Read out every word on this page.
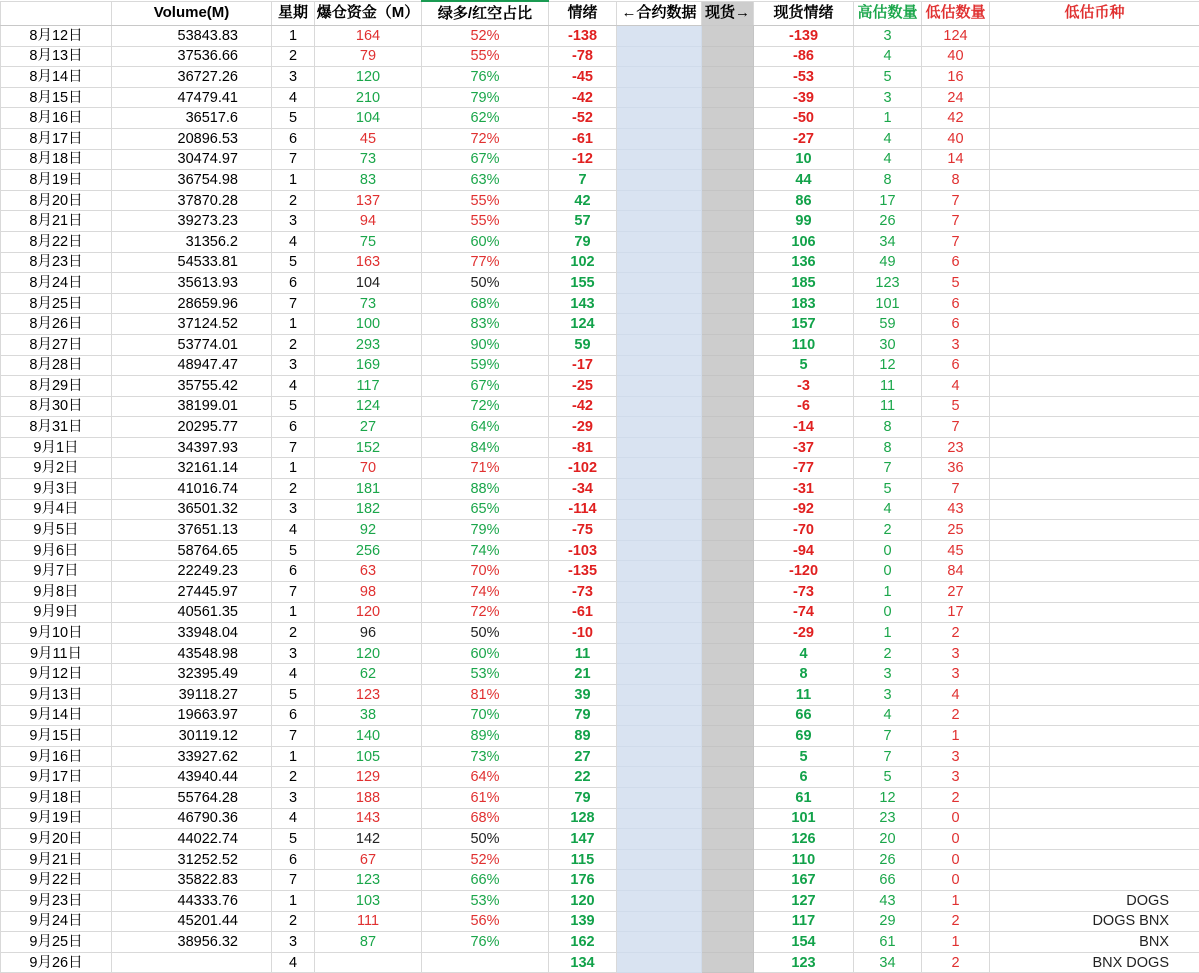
	Volume(M)	星期	爆仓资金（M）	绿多/红空占比	情绪	←合约数据	现货→	现货情绪	高估数量	低估数量	低估币种
8月12日	53843.83	1	164	52%	-138			-139	3	124	
8月13日	37536.66	2	79	55%	-78			-86	4	40	
8月14日	36727.26	3	120	76%	-45			-53	5	16	
8月15日	47479.41	4	210	79%	-42			-39	3	24	
8月16日	36517.6	5	104	62%	-52			-50	1	42	
8月17日	20896.53	6	45	72%	-61			-27	4	40	
8月18日	30474.97	7	73	67%	-12			10	4	14	
8月19日	36754.98	1	83	63%	7			44	8	8	
8月20日	37870.28	2	137	55%	42			86	17	7	
8月21日	39273.23	3	94	55%	57			99	26	7	
8月22日	31356.2	4	75	60%	79			106	34	7	
8月23日	54533.81	5	163	77%	102			136	49	6	
8月24日	35613.93	6	104	50%	155			185	123	5	
8月25日	28659.96	7	73	68%	143			183	101	6	
8月26日	37124.52	1	100	83%	124			157	59	6	
8月27日	53774.01	2	293	90%	59			110	30	3	
8月28日	48947.47	3	169	59%	-17			5	12	6	
8月29日	35755.42	4	117	67%	-25			-3	11	4	
8月30日	38199.01	5	124	72%	-42			-6	11	5	
8月31日	20295.77	6	27	64%	-29			-14	8	7	
9月1日	34397.93	7	152	84%	-81			-37	8	23	
9月2日	32161.14	1	70	71%	-102			-77	7	36	
9月3日	41016.74	2	181	88%	-34			-31	5	7	
9月4日	36501.32	3	182	65%	-114			-92	4	43	
9月5日	37651.13	4	92	79%	-75			-70	2	25	
9月6日	58764.65	5	256	74%	-103			-94	0	45	
9月7日	22249.23	6	63	70%	-135			-120	0	84	
9月8日	27445.97	7	98	74%	-73			-73	1	27	
9月9日	40561.35	1	120	72%	-61			-74	0	17	
9月10日	33948.04	2	96	50%	-10			-29	1	2	
9月11日	43548.98	3	120	60%	11			4	2	3	
9月12日	32395.49	4	62	53%	21			8	3	3	
9月13日	39118.27	5	123	81%	39			11	3	4	
9月14日	19663.97	6	38	70%	79			66	4	2	
9月15日	30119.12	7	140	89%	89			69	7	1	
9月16日	33927.62	1	105	73%	27			5	7	3	
9月17日	43940.44	2	129	64%	22			6	5	3	
9月18日	55764.28	3	188	61%	79			61	12	2	
9月19日	46790.36	4	143	68%	128			101	23	0	
9月20日	44022.74	5	142	50%	147			126	20	0	
9月21日	31252.52	6	67	52%	115			110	26	0	
9月22日	35822.83	7	123	66%	176			167	66	0	
9月23日	44333.76	1	103	53%	120			127	43	1	DOGS
9月24日	45201.44	2	111	56%	139			117	29	2	DOGS BNX
9月25日	38956.32	3	87	76%	162			154	61	1	BNX
9月26日		4			134			123	34	2	BNX DOGS
